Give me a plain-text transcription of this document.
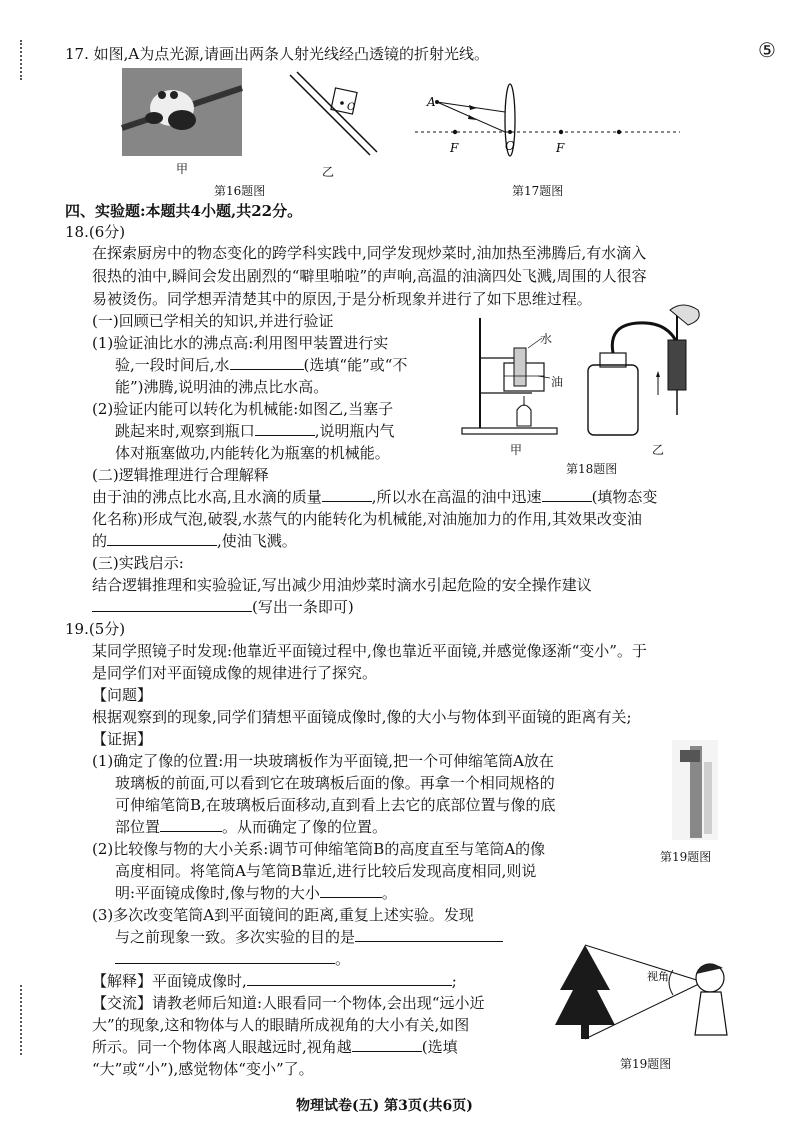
⑤
17. 如图,A为点光源,请画出两条人射光线经凸透镜的折射光线。
甲
O
乙
第16题图
A
F	O	F
第17题图
四、实验题:本题共4小题,共22分。
18.(6分)
在探索厨房中的物态变化的跨学科实践中,同学发现炒菜时,油加热至沸腾后,有水滴入
很热的油中,瞬间会发出剧烈的“噼里啪啦”的声响,高温的油滴四处飞溅,周围的人很容
易被烫伤。同学想弄清楚其中的原因,于是分析现象并进行了如下思维过程。
(一)回顾已学相关的知识,并进行验证
(1)验证油比水的沸点高:利用图甲装置进行实
验,一段时间后,水	(选填“能”或“不
能”)沸腾,说明油的沸点比水高。
(2)验证内能可以转化为机械能:如图乙,当塞子
跳起来时,观察到瓶口	,说明瓶内气
体对瓶塞做功,内能转化为瓶塞的机械能。
水
油
甲	乙
第18题图
(二)逻辑推理进行合理解释
由于油的沸点比水高,且水滴的质量	,所以水在高温的油中迅速	(填物态变
化名称)形成气泡,破裂,水蒸气的内能转化为机械能,对油施加力的作用,其效果改变油
的	,使油飞溅。
(三)实践启示:
结合逻辑推理和实验验证,写出减少用油炒菜时滴水引起危险的安全操作建议
(写出一条即可)
19.(5分)
某同学照镜子时发现:他靠近平面镜过程中,像也靠近平面镜,并感觉像逐渐“变小”。于
是同学们对平面镜成像的规律进行了探究。
【问题】
根据观察到的现象,同学们猜想平面镜成像时,像的大小与物体到平面镜的距离有关;
【证据】
(1)确定了像的位置:用一块玻璃板作为平面镜,把一个可伸缩笔筒A放在
玻璃板的前面,可以看到它在玻璃板后面的像。再拿一个相同规格的
可伸缩笔筒B,在玻璃板后面移动,直到看上去它的底部位置与像的底
部位置	。从而确定了像的位置。
(2)比较像与物的大小关系:调节可伸缩笔筒B的高度直至与笔筒A的像
高度相同。将笔筒A与笔筒B靠近,进行比较后发现高度相同,则说
明:平面镜成像时,像与物的大小	。
(3)多次改变笔筒A到平面镜间的距离,重复上述实验。发现
与之前现象一致。多次实验的目的是
。
【解释】平面镜成像时,	;
【交流】请教老师后知道:人眼看同一个物体,会出现“远小近
大”的现象,这和物体与人的眼睛所成视角的大小有关,如图
所示。同一个物体离人眼越远时,视角越	(选填
“大”或“小”),感觉物体“变小”了。
第19题图
视角
第19题图
物理试卷(五) 第3页(共6页)
